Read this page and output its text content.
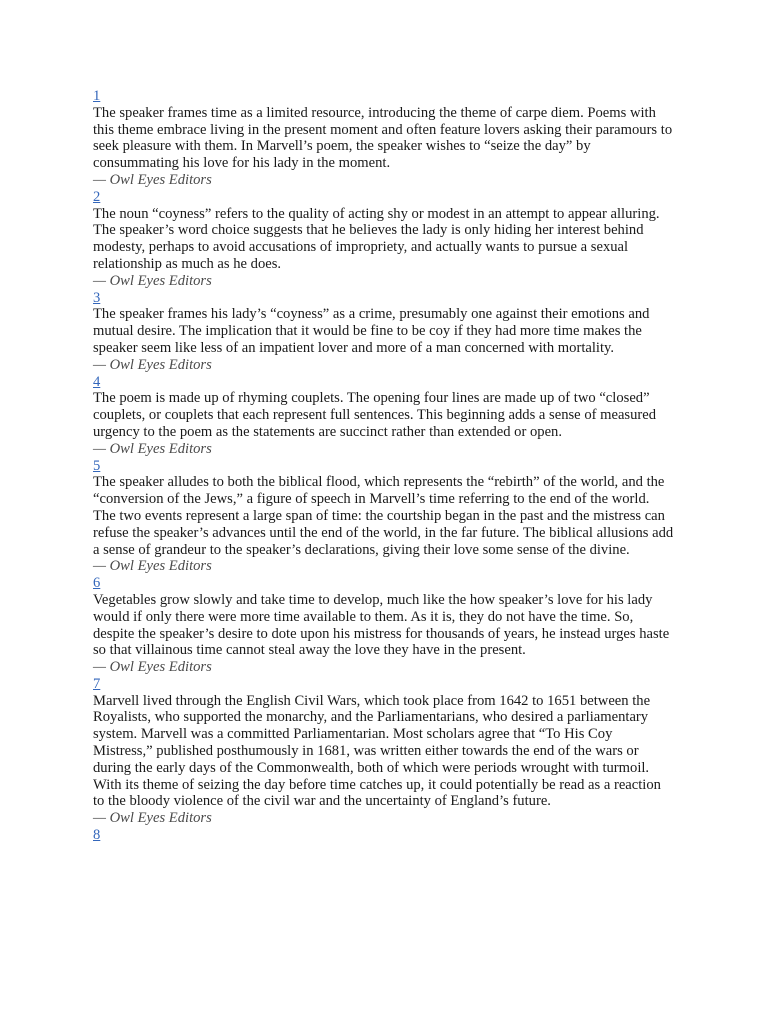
1

The speaker frames time as a limited resource, introducing the theme of carpe diem. Poems with this theme embrace living in the present moment and often feature lovers asking their paramours to seek pleasure with them. In Marvell’s poem, the speaker wishes to “seize the day” by consummating his love for his lady in the moment.

— Owl Eyes Editors
2

The noun “coyness” refers to the quality of acting shy or modest in an attempt to appear alluring. The speaker’s word choice suggests that he believes the lady is only hiding her interest behind modesty, perhaps to avoid accusations of impropriety, and actually wants to pursue a sexual relationship as much as he does.

— Owl Eyes Editors
3

The speaker frames his lady’s “coyness” as a crime, presumably one against their emotions and mutual desire. The implication that it would be fine to be coy if they had more time makes the speaker seem like less of an impatient lover and more of a man concerned with mortality.

— Owl Eyes Editors
4

The poem is made up of rhyming couplets. The opening four lines are made up of two “closed” couplets, or couplets that each represent full sentences. This beginning adds a sense of measured urgency to the poem as the statements are succinct rather than extended or open.

— Owl Eyes Editors
5

The speaker alludes to both the biblical flood, which represents the “rebirth” of the world, and the “conversion of the Jews,” a figure of speech in Marvell’s time referring to the end of the world. The two events represent a large span of time: the courtship began in the past and the mistress can refuse the speaker’s advances until the end of the world, in the far future. The biblical allusions add a sense of grandeur to the speaker’s declarations, giving their love some sense of the divine.

— Owl Eyes Editors
6

Vegetables grow slowly and take time to develop, much like the how speaker’s love for his lady would if only there were more time available to them. As it is, they do not have the time. So, despite the speaker’s desire to dote upon his mistress for thousands of years, he instead urges haste so that villainous time cannot steal away the love they have in the present.

— Owl Eyes Editors
7

Marvell lived through the English Civil Wars, which took place from 1642 to 1651 between the Royalists, who supported the monarchy, and the Parliamentarians, who desired a parliamentary system. Marvell was a committed Parliamentarian. Most scholars agree that “To His Coy Mistress,” published posthumously in 1681, was written either towards the end of the wars or during the early days of the Commonwealth, both of which were periods wrought with turmoil. With its theme of seizing the day before time catches up, it could potentially be read as a reaction to the bloody violence of the civil war and the uncertainty of England’s future.

— Owl Eyes Editors
8
